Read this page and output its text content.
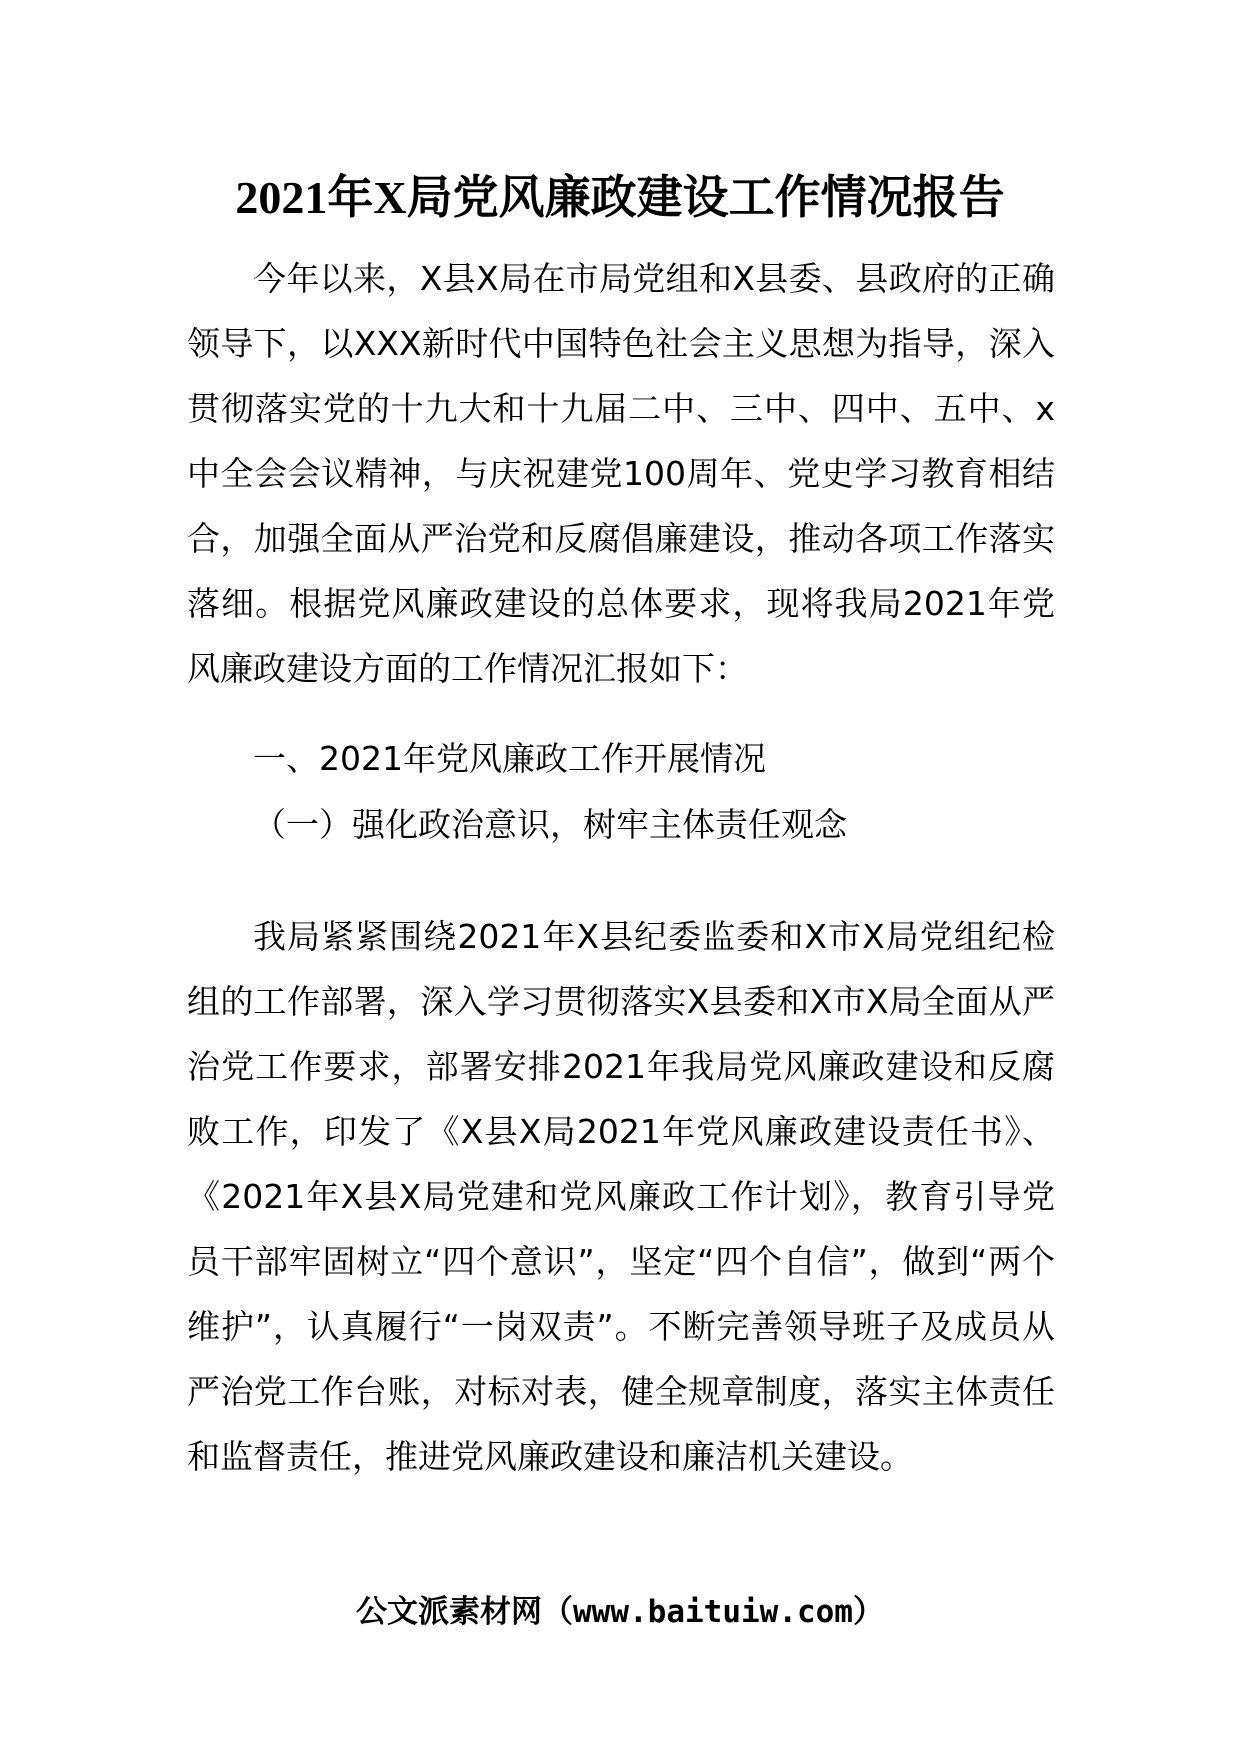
2021年X局党风廉政建设工作情况报告

今年以来，X县X局在市局党组和X县委、县政府的正确领导下，以XXX新时代中国特色社会主义思想为指导，深入贯彻落实党的十九大和十九届二中、三中、四中、五中、x中全会会议精神，与庆祝建党100周年、党史学习教育相结合，加强全面从严治党和反腐倡廉建设，推动各项工作落实落细。根据党风廉政建设的总体要求，现将我局2021年党风廉政建设方面的工作情况汇报如下：

一、2021年党风廉政工作开展情况

（一）强化政治意识，树牢主体责任观念

我局紧紧围绕2021年X县纪委监委和X市X局党组纪检组的工作部署，深入学习贯彻落实X县委和X市X局全面从严治党工作要求，部署安排2021年我局党风廉政建设和反腐败工作，印发了《X县X局2021年党风廉政建设责任书》、《2021年X县X局党建和党风廉政工作计划》，教育引导党员干部牢固树立“四个意识”，坚定“四个自信”，做到“两个维护”，认真履行“一岗双责”。不断完善领导班子及成员从严治党工作台账，对标对表，健全规章制度，落实主体责任和监督责任，推进党风廉政建设和廉洁机关建设。

公文派素材网（www.baituiw.com）
